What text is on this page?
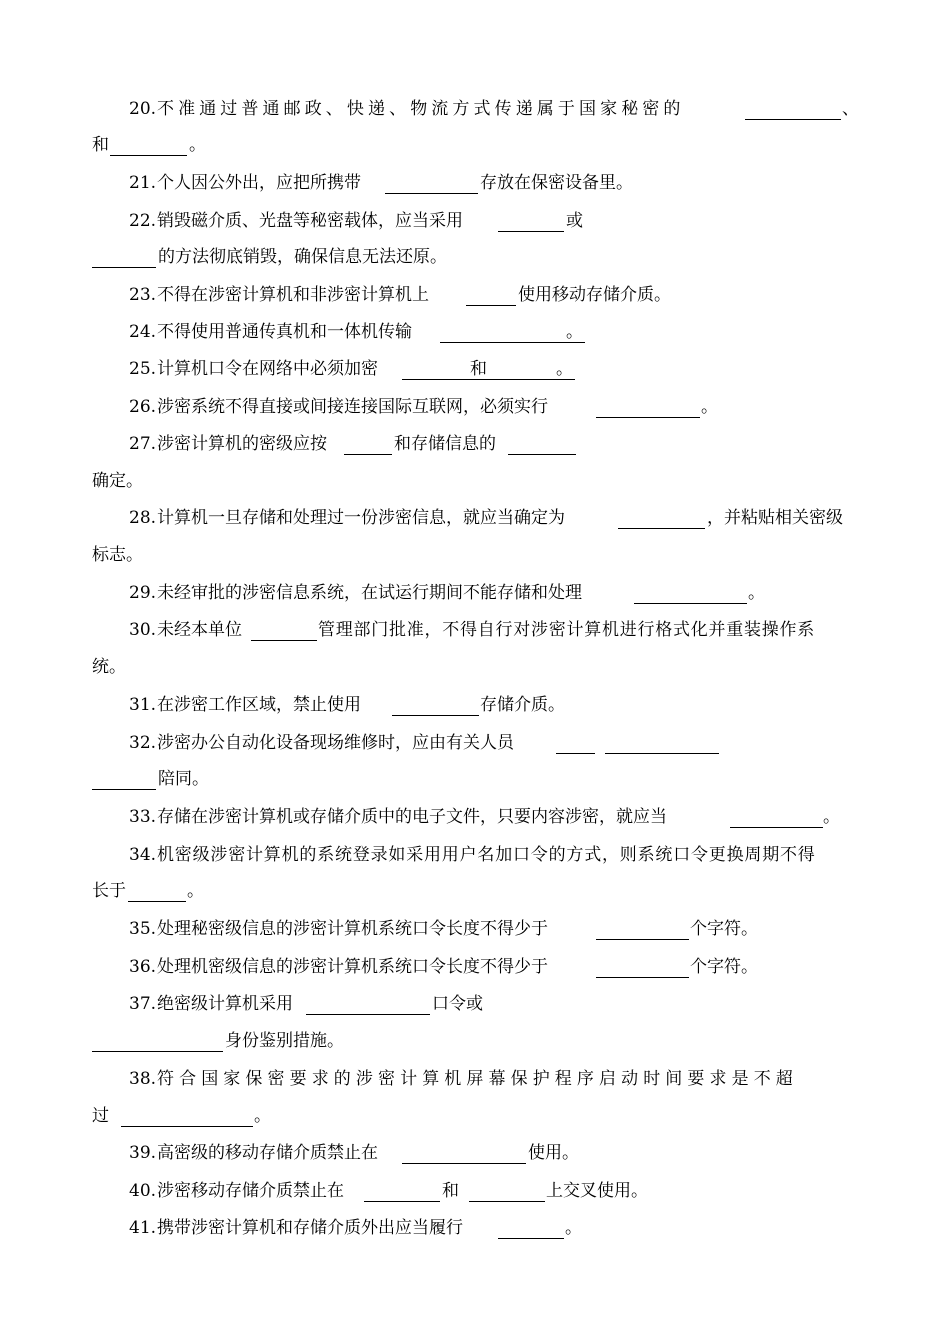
20. 不准通过普通邮政、快递、物流方式传递属于国家秘密的	、
和	。
21. 个人因公外出，应把所携带	存放在保密设备里。
22. 销毁磁介质、光盘等秘密载体，应当采用	或
的方法彻底销毁，确保信息无法还原。
23. 不得在涉密计算机和非涉密计算机上	使用移动存储介质。
24. 不得使用普通传真机和一体机传输	。
25. 计算机口令在网络中必须加密	和	。
26. 涉密系统不得直接或间接连接国际互联网，必须实行	。
27. 涉密计算机的密级应按	和存储信息的
确定。
28. 计算机一旦存储和处理过一份涉密信息，就应当确定为	，并粘贴相关密级
标志。
29. 未经审批的涉密信息系统，在试运行期间不能存储和处理	。
30. 未经本单位	管理部门批准，不得自行对涉密计算机进行格式化并重装操作系
统。
31. 在涉密工作区域，禁止使用	存储介质。
32. 涉密办公自动化设备现场维修时，应由有关人员
陪同。
33. 存储在涉密计算机或存储介质中的电子文件，只要内容涉密，就应当	。
34. 机密级涉密计算机的系统登录如采用用户名加口令的方式，则系统口令更换周期不得
长于	。
35. 处理秘密级信息的涉密计算机系统口令长度不得少于	个字符。
36. 处理机密级信息的涉密计算机系统口令长度不得少于	个字符。
37. 绝密级计算机采用	口令或
身份鉴别措施。
38. 符合国家保密要求的涉密计算机屏幕保护程序启动时间要求是不超
过	。
39. 高密级的移动存储介质禁止在	使用。
40. 涉密移动存储介质禁止在	和	上交叉使用。
41. 携带涉密计算机和存储介质外出应当履行	。
